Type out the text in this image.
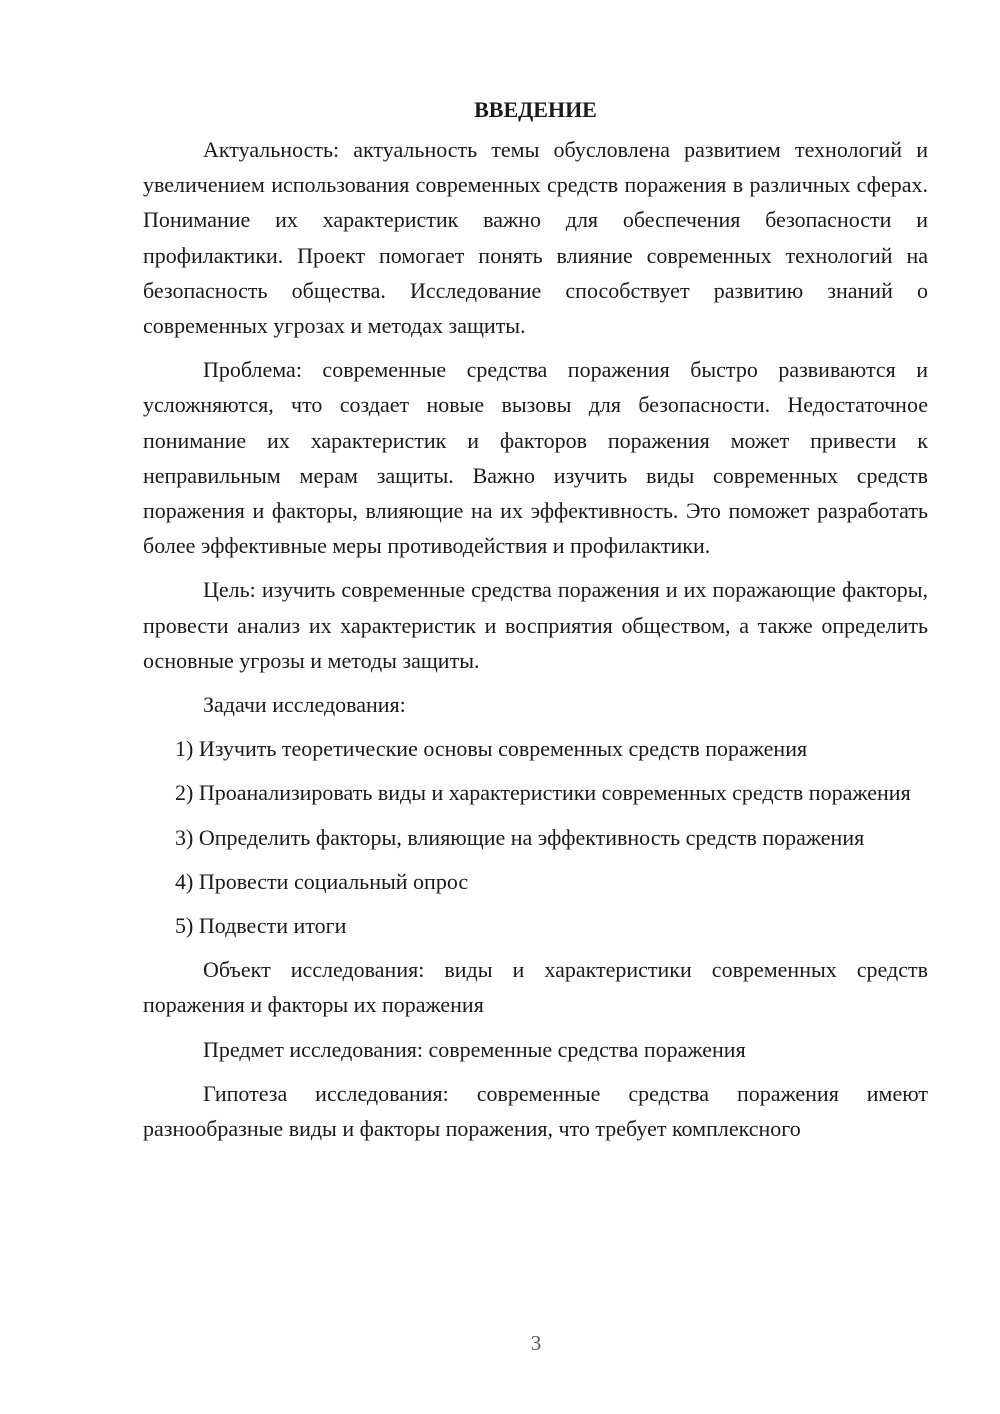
ВВЕДЕНИЕ

Актуальность: актуальность темы обусловлена развитием технологий и увеличением использования современных средств поражения в различных сферах. Понимание их характеристик важно для обеспечения безопасности и профилактики. Проект помогает понять влияние современных технологий на безопасность общества. Исследование способствует развитию знаний о современных угрозах и методах защиты.

Проблема: современные средства поражения быстро развиваются и усложняются, что создает новые вызовы для безопасности. Недостаточное понимание их характеристик и факторов поражения может привести к неправильным мерам защиты. Важно изучить виды современных средств поражения и факторы, влияющие на их эффективность. Это поможет разработать более эффективные меры противодействия и профилактики.

Цель: изучить современные средства поражения и их поражающие факторы, провести анализ их характеристик и восприятия обществом, а также определить основные угрозы и методы защиты.

Задачи исследования:

1) Изучить теоретические основы современных средств поражения

2) Проанализировать виды и характеристики современных средств поражения

3) Определить факторы, влияющие на эффективность средств поражения

4) Провести социальный опрос

5) Подвести итоги

Объект исследования: виды и характеристики современных средств поражения и факторы их поражения

Предмет исследования: современные средства поражения

Гипотеза исследования: современные средства поражения имеют разнообразные виды и факторы поражения, что требует комплексного

3
